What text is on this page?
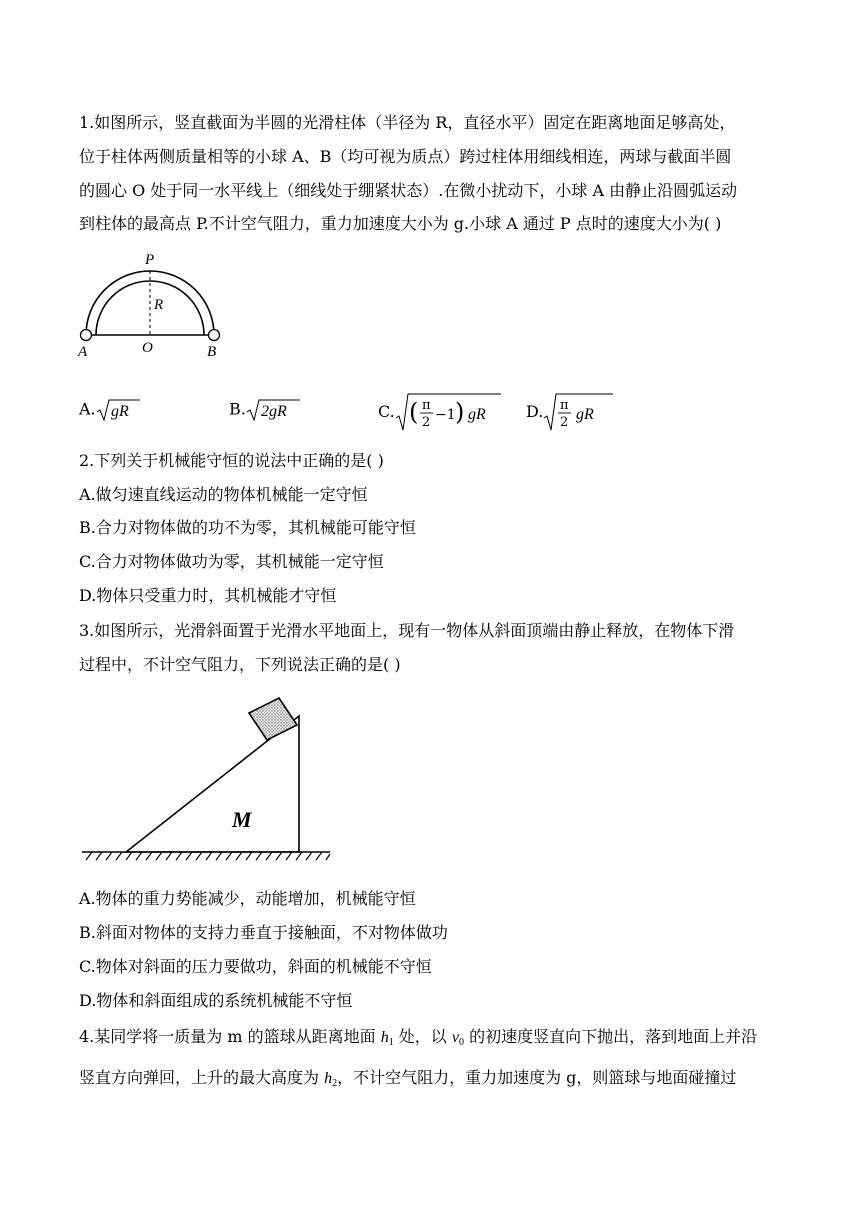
1.如图所示，竖直截面为半圆的光滑柱体（半径为 R，直径水平）固定在距离地面足够高处，
位于柱体两侧质量相等的小球 A、B（均可视为质点）跨过柱体用细线相连，两球与截面半圆
的圆心 O 处于同一水平线上（细线处于绷紧状态）.在微小扰动下，小球 A 由静止沿圆弧运动
到柱体的最高点 P.不计空气阻力，重力加速度大小为 g.小球 A 通过 P 点时的速度大小为( )
P
R
A	O	B
A. gR	B. 2gR	C. ( π
2 −1 ) gR	D. π
2 gR
2.下列关于机械能守恒的说法中正确的是( )
A.做匀速直线运动的物体机械能一定守恒
B.合力对物体做的功不为零，其机械能可能守恒
C.合力对物体做功为零，其机械能一定守恒
D.物体只受重力时，其机械能才守恒
3.如图所示，光滑斜面置于光滑水平地面上，现有一物体从斜面顶端由静止释放，在物体下滑
过程中，不计空气阻力，下列说法正确的是( )
M
A.物体的重力势能减少，动能增加，机械能守恒
B.斜面对物体的支持力垂直于接触面，不对物体做功
C.物体对斜面的压力要做功，斜面的机械能不守恒
D.物体和斜面组成的系统机械能不守恒
4.某同学将一质量为 m 的篮球从距离地面 $h_1$ 处，以 $v_0$ 的初速度竖直向下抛出，落到地面上并沿
竖直方向弹回，上升的最大高度为 $h_2$，不计空气阻力，重力加速度为 g，则篮球与地面碰撞过
